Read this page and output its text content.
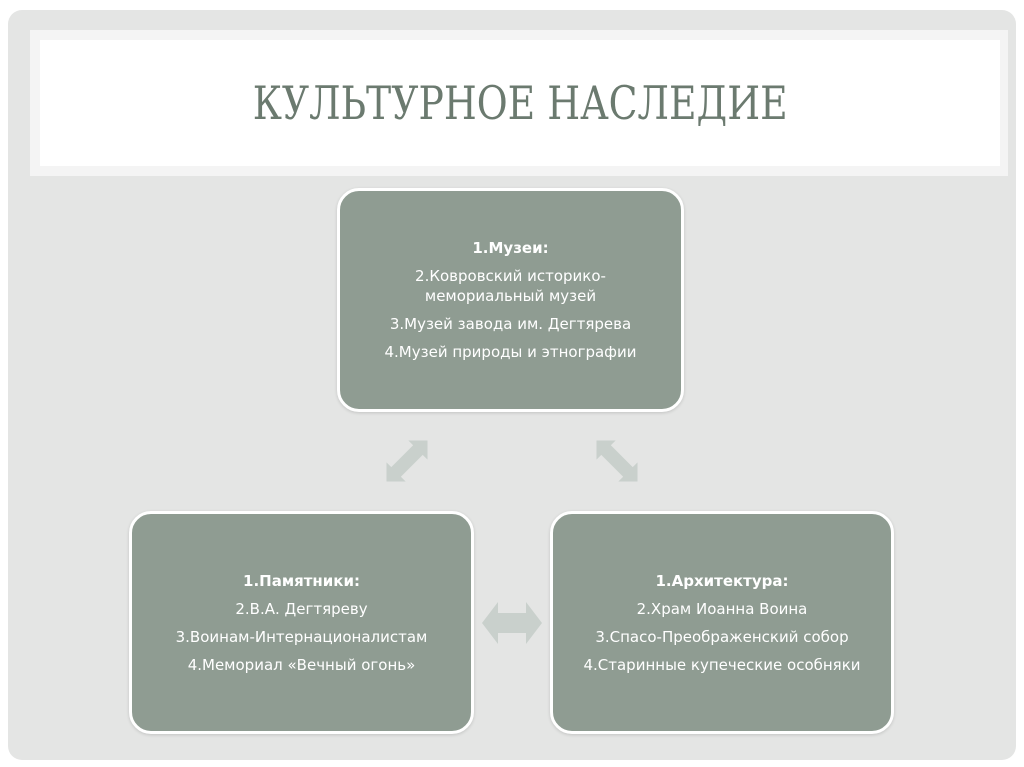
КУЛЬТУРНОЕ НАСЛЕДИЕ

1.Музеи:

2.Ковровский историко-мемориальный музей

3.Музей завода им. Дегтярева

4.Музей природы и этнографии

1.Памятники:

2.В.А. Дегтяреву

3.Воинам-Интернационалистам

4.Мемориал «Вечный огонь»

1.Архитектура:

2.Храм Иоанна Воина

3.Спасо-Преображенский собор

4.Старинные купеческие особняки
